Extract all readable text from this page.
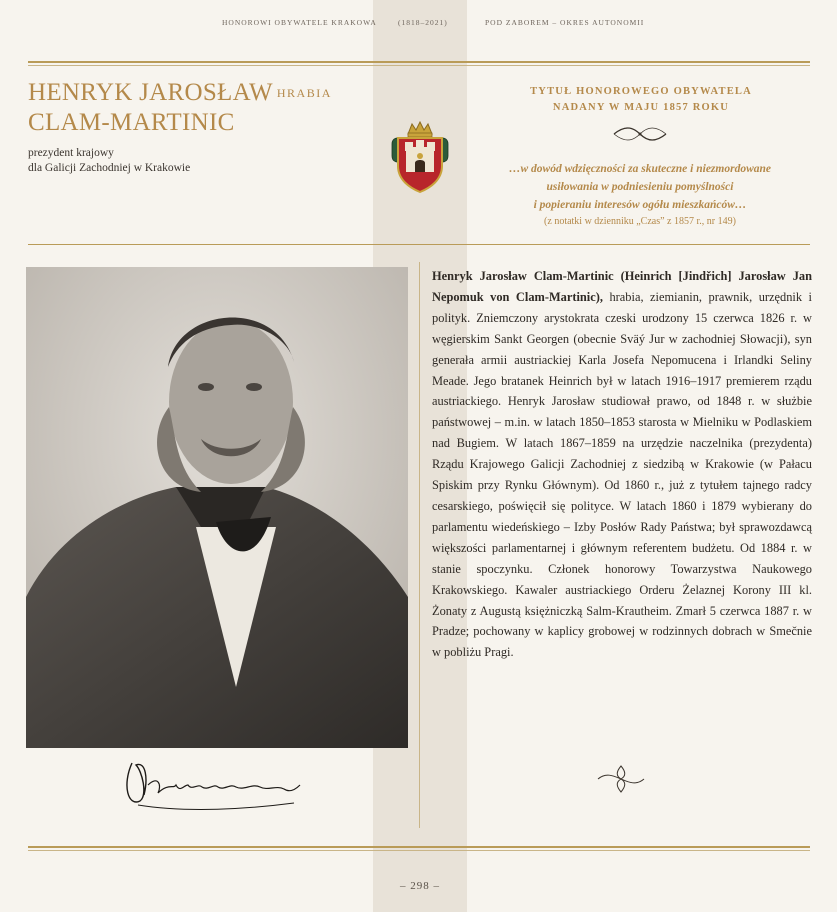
HONOROWI OBYWATELE KRAKOWA	(1818–2021)	POD ZABOREM – OKRES AUTONOMII
HENRYK JAROSŁAW HRABIA
CLAM-MARTINIC
prezydent krajowy
dla Galicji Zachodniej w Krakowie
TYTUŁ HONOROWEGO OBYWATELA
NADANY W MAJU 1857 ROKU
…w dowód wdzięczności za skuteczne i niezmordowane
usiłowania w podniesieniu pomyślności
i popieraniu interesów ogółu mieszkańców…
(z notatki w dzienniku „Czas” z 1857 r., nr 149)
Henryk Jarosław Clam-Martinic (Heinrich [Jindřich] Jarosław Jan Nepomuk von Clam-Martinic), hrabia, ziemianin, prawnik, urzędnik i polityk. Zniemczony arystokrata czeski urodzony 15 czerwca 1826 r. w węgierskim Sankt Georgen (obecnie Sväý Jur w zachodniej Słowacji), syn generała armii austriackiej Karla Josefa Nepomucena i Irlandki Seliny Meade. Jego bratanek Heinrich był w latach 1916–1917 premierem rządu austriackiego. Henryk Jarosław studiował prawo, od 1848 r. w służbie państwowej – m.in. w latach 1850–1853 starosta w Mielniku w Podlaskiem nad Bugiem. W latach 1867–1859 na urzędzie naczelnika (prezydenta) Rządu Krajowego Galicji Zachodniej z siedzibą w Krakowie (w Pałacu Spiskim przy Rynku Głównym). Od 1860 r., już z tytułem tajnego radcy cesarskiego, poświęcił się polityce. W latach 1860 i 1879 wybierany do parlamentu wiedeńskiego – Izby Posłów Rady Państwa; był sprawozdawcą większości parlamentarnej i głównym referentem budżetu. Od 1884 r. w stanie spoczynku. Członek honorowy Towarzystwa Naukowego Krakowskiego. Kawaler austriackiego Orderu Żelaznej Korony III kl. Żonaty z Augustą księżniczką Salm-Krautheim. Zmarł 5 czerwca 1887 r. w Pradze; pochowany w kaplicy grobowej w rodzinnych dobrach w Smečnie w pobliżu Pragi.
– 298 –
